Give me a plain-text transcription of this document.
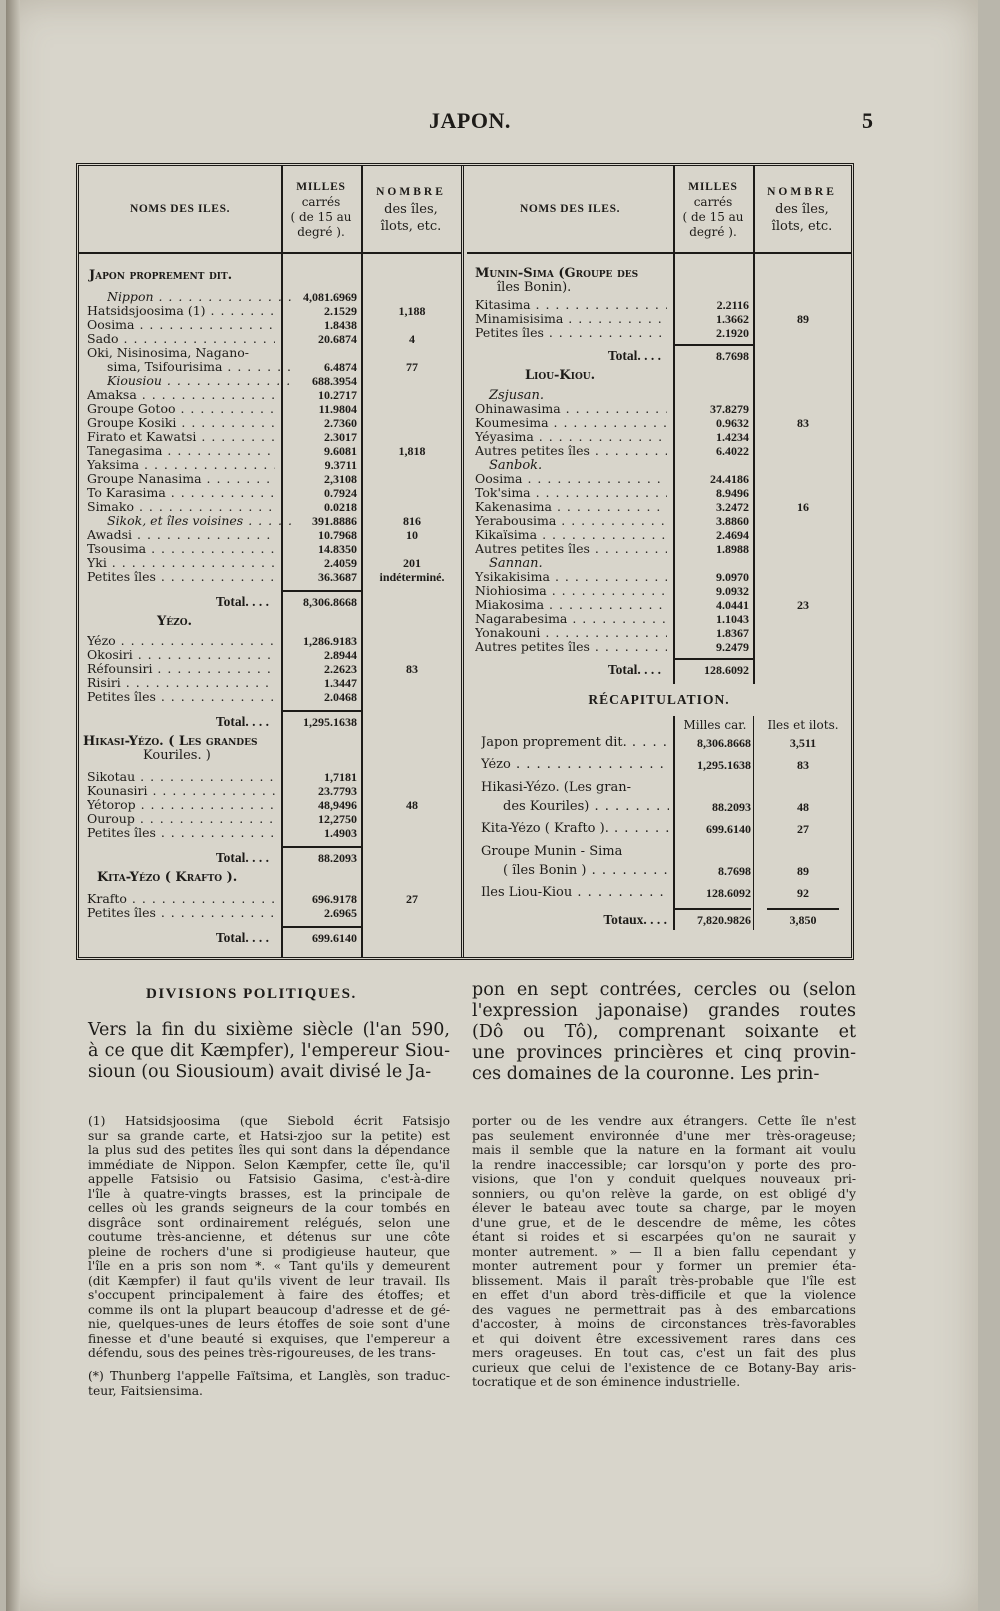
JAPON.	5
NOMS DES ILES.
MILLES
carrés
( de 15 au
degré ).
NOMBRE
des îles,
îlots, etc.
Japon proprement dit.
Nippon . . .	4,081.6969
Hatsidsjoosima (1) . . .	2.1529	1,188
Oosima . . .	1.8438
Sado . . .	20.6874	4
Oki, Nisinosima, Nagano-
sima, Tsifourisima . . .	6.4874	77
Kiousiou . . .	688.3954
Amaksa . . .	10.2717
Groupe Gotoo . . .	11.9804
Groupe Kosiki . . .	2.7360
Firato et Kawatsi . . .	2.3017
Tanegasima . . .	9.6081	1,818
Yaksima . . .	9.3711
Groupe Nanasima . . .	2,3108
To Karasima . . .	0.7924
Simako . . .	0.0218
Sikok, et îles voisines . . .	391.8886	816
Awadsi . . .	10.7968	10
Tsousima . . .	14.8350
Yki . . .	2.4059	201
Petites îles . . .	36.3687	indéterminé.
Total. . . .	8,306.8668
Yézo.
Yézo . . .	1,286.9183
Okosiri . . .	2.8944
Réfounsiri . . .	2.2623	83
Risiri . . .	1.3447
Petites îles . . .	2.0468
Total. . . .	1,295.1638
Hikasi-Yézo. ( Les grandes
Kouriles. )
Sikotau . . .	1,7181
Kounasiri . . .	23.7793
Yétorop . . .	48,9496	48
Ouroup . . .	12,2750
Petites îles . . .	1.4903
Total. . . .	88.2093
Kita-Yézo ( Krafto ).
Krafto . . .	696.9178	27
Petites îles . . .	2.6965
Total. . . .	699.6140
NOMS DES ILES.
MILLES
carrés
( de 15 au
degré ).
NOMBRE
des îles,
îlots, etc.
Munin-Sima (Groupe des
îles Bonin).
Kitasima . . .	2.2116
Minamisisima . . .	1.3662	89
Petites îles . . .	2.1920
Total. . . .	8.7698
Liou-Kiou.
Zsjusan.
Ohinawasima . . .	37.8279
Koumesima . . .	0.9632	83
Yéyasima . . .	1.4234
Autres petites îles . . .	6.4022
Sanbok.
Oosima . . .	24.4186
Tok'sima . . .	8.9496
Kakenasima . . .	3.2472	16
Yerabousima . . .	3.8860
Kikaïsima . . .	2.4694
Autres petites îles . . .	1.8988
Sannan.
Ysikakisima . . .	9.0970
Niohiosima . . .	9.0932
Miakosima . . .	4.0441	23
Nagarabesima . . .	1.1043
Yonakouni . . .	1.8367
Autres petites îles . . .	9.2479
Total. . . .	128.6092
RÉCAPITULATION.
Milles car.	Iles et ilots.
Japon proprement dit. . . .	8,306.8668	3,511
Yézo . . .	1,295.1638	83
Hikasi-Yézo. (Les gran-
des Kouriles) . . .	88.2093	48
Kita-Yézo ( Krafto ). . . .	699.6140	27
Groupe Munin - Sima
( îles Bonin ) . . .	8.7698	89
Iles Liou-Kiou . . .	128.6092	92
Totaux. . . .	7,820.9826	3,850
DIVISIONS POLITIQUES.

Vers la fin du sixième siècle (l'an 590,

à ce que dit Kæmpfer), l'empereur Siou-

sioun (ou Siousioum) avait divisé le Ja-

pon en sept contrées, cercles ou (selon

l'expression japonaise) grandes routes

(Dô ou Tô), comprenant soixante et

une provinces princières et cinq provin-

ces domaines de la couronne. Les prin-

(1) Hatsidsjoosima (que Siebold écrit Fatsisjo

sur sa grande carte, et Hatsi-zjoo sur la petite) est

la plus sud des petites îles qui sont dans la dépendance

immédiate de Nippon. Selon Kæmpfer, cette île, qu'il

appelle Fatsisio ou Fatsisio Gasima, c'est-à-dire

l'île à quatre-vingts brasses, est la principale de

celles où les grands seigneurs de la cour tombés en

disgrâce sont ordinairement relégués, selon une

coutume très-ancienne, et détenus sur une côte

pleine de rochers d'une si prodigieuse hauteur, que

l'île en a pris son nom *. « Tant qu'ils y demeurent

(dit Kæmpfer) il faut qu'ils vivent de leur travail. Ils

s'occupent principalement à faire des étoffes; et

comme ils ont la plupart beaucoup d'adresse et de gé-

nie, quelques-unes de leurs étoffes de soie sont d'une

finesse et d'une beauté si exquises, que l'empereur a

défendu, sous des peines très-rigoureuses, de les trans-

(*) Thunberg l'appelle Faïtsima, et Langlès, son traduc-

teur, Faitsiensima.

porter ou de les vendre aux étrangers. Cette île n'est

pas seulement environnée d'une mer très-orageuse;

mais il semble que la nature en la formant ait voulu

la rendre inaccessible; car lorsqu'on y porte des pro-

visions, que l'on y conduit quelques nouveaux pri-

sonniers, ou qu'on relève la garde, on est obligé d'y

élever le bateau avec toute sa charge, par le moyen

d'une grue, et de le descendre de même, les côtes

étant si roides et si escarpées qu'on ne saurait y

monter autrement. » — Il a bien fallu cependant y

monter autrement pour y former un premier éta-

blissement. Mais il paraît très-probable que l'île est

en effet d'un abord très-difficile et que la violence

des vagues ne permettrait pas à des embarcations

d'accoster, à moins de circonstances très-favorables

et qui doivent être excessivement rares dans ces

mers orageuses. En tout cas, c'est un fait des plus

curieux que celui de l'existence de ce Botany-Bay aris-

tocratique et de son éminence industrielle.
